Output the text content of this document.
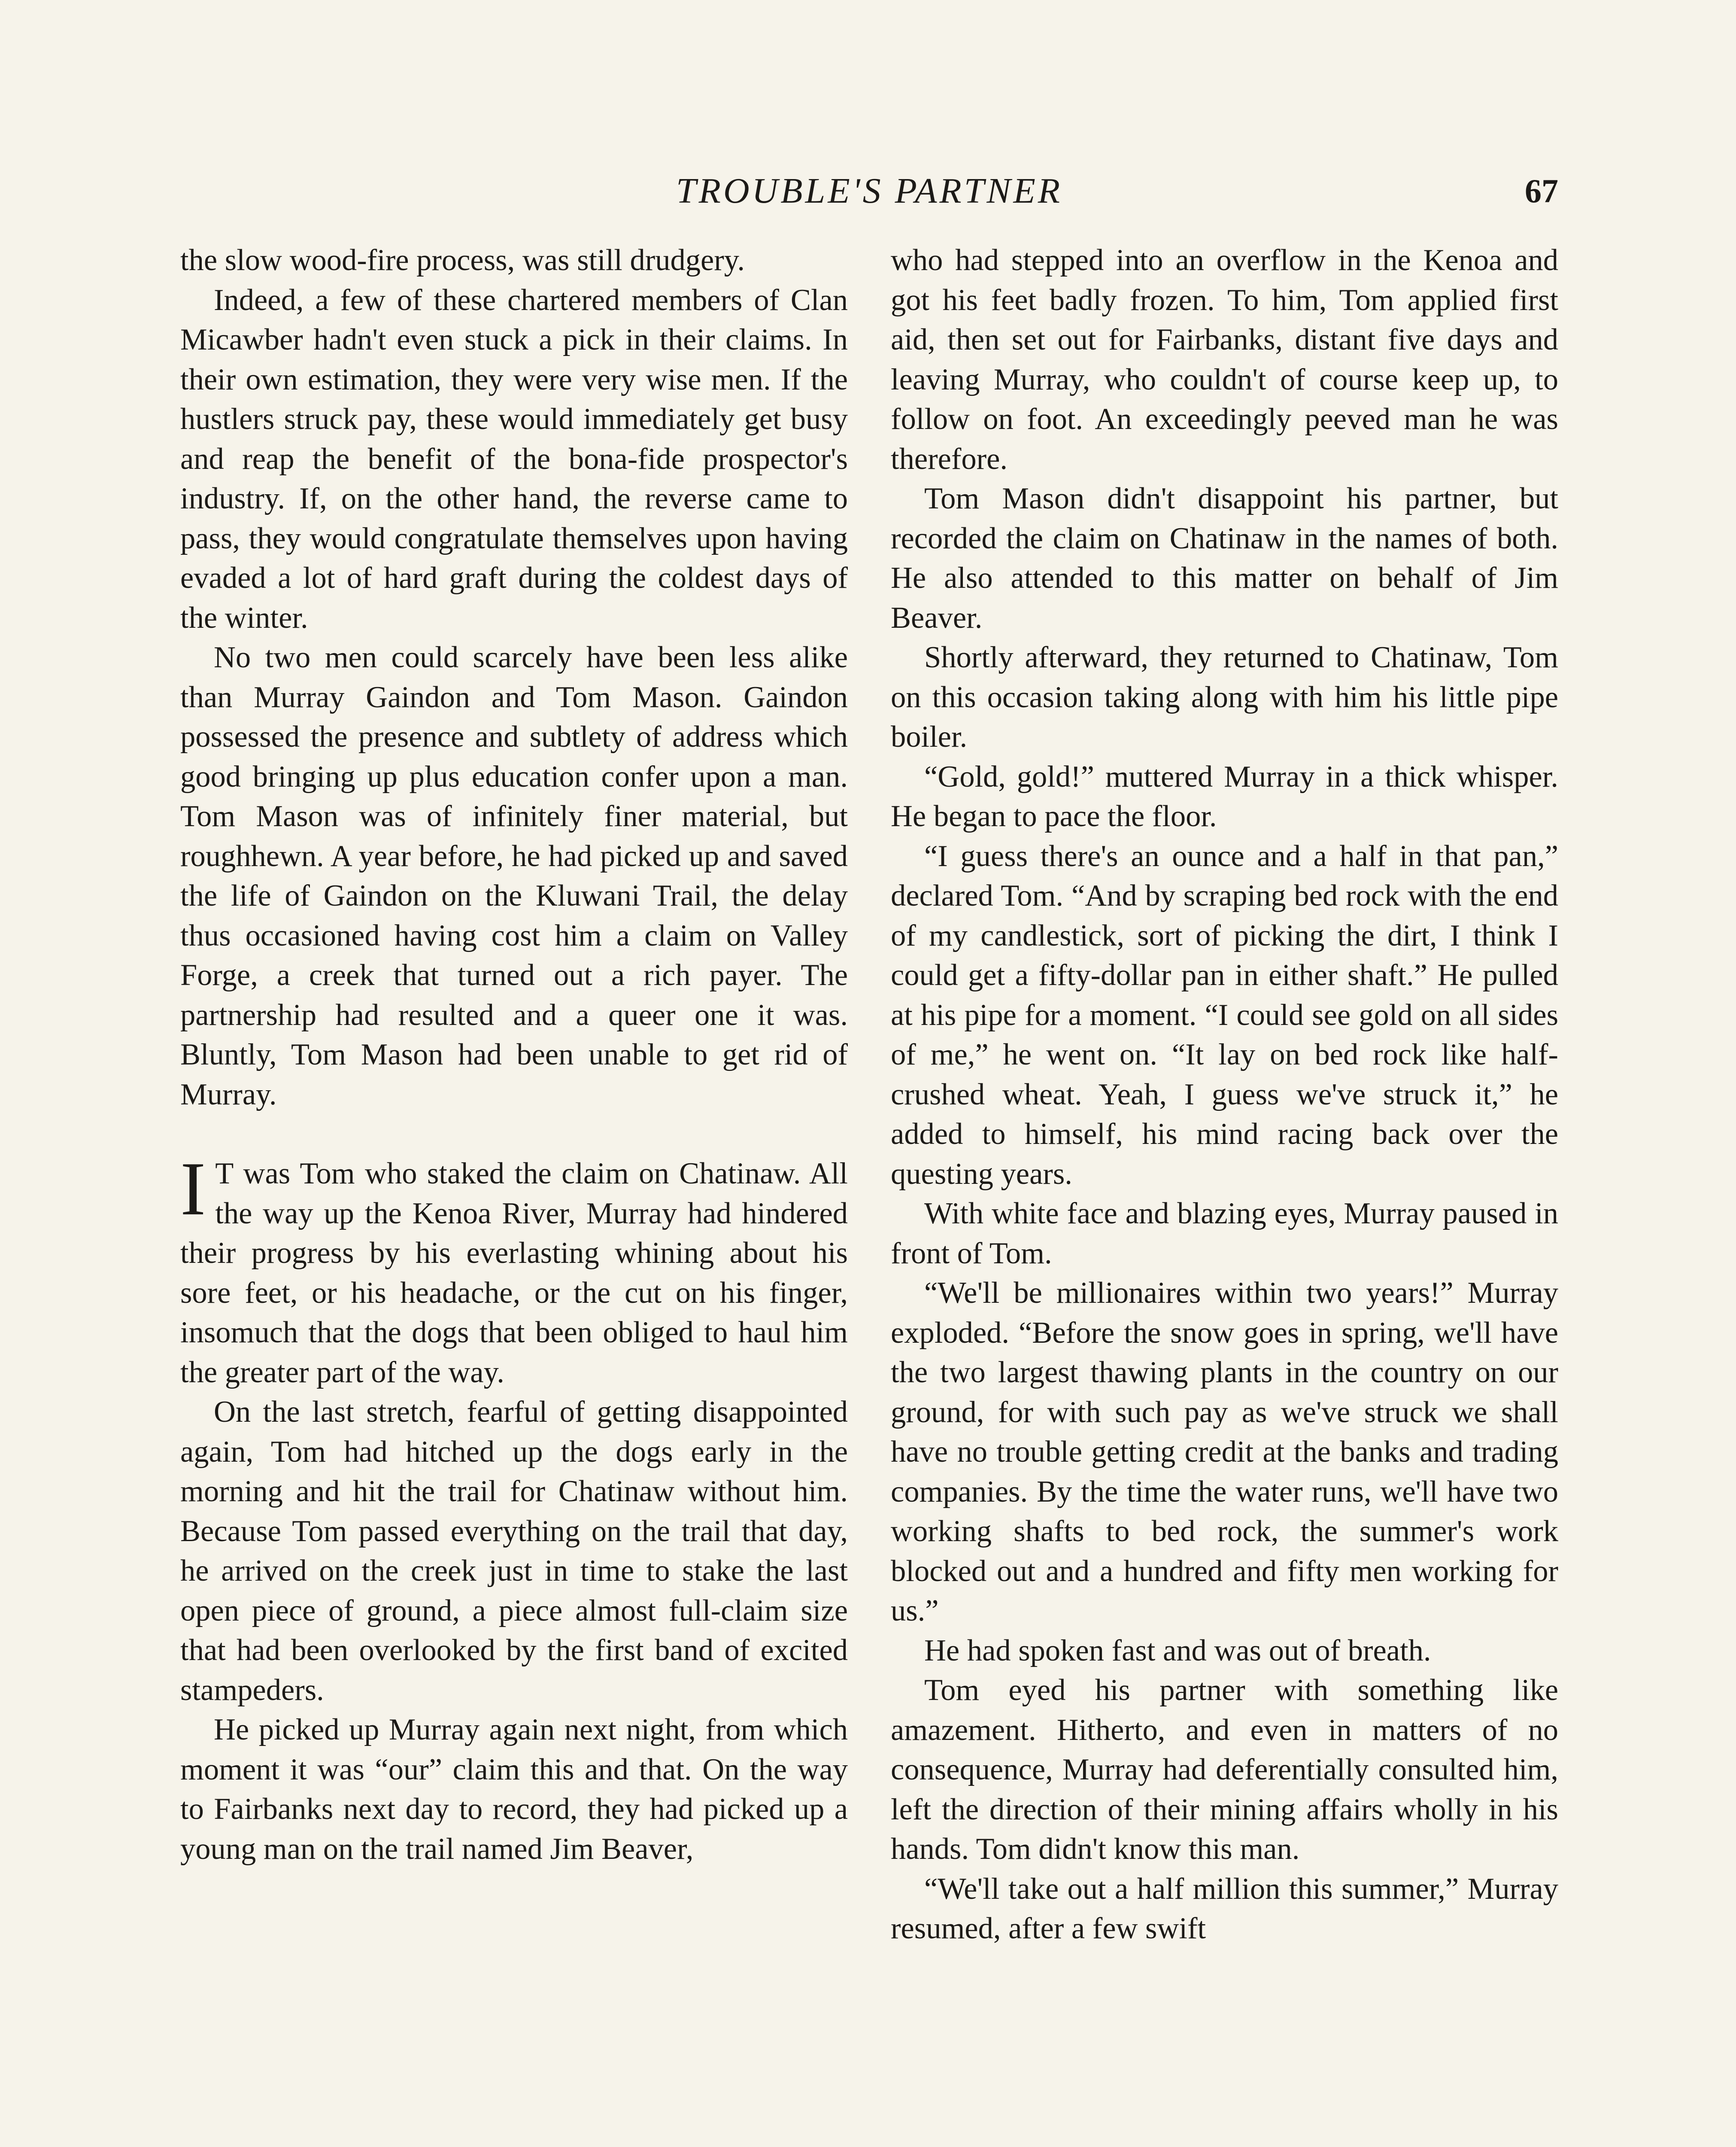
TROUBLE'S PARTNER	67

the slow wood-fire process, was still drudgery.

Indeed, a few of these chartered members of Clan Micawber hadn't even stuck a pick in their claims. In their own estimation, they were very wise men. If the hustlers struck pay, these would immediately get busy and reap the benefit of the bona-fide prospector's industry. If, on the other hand, the reverse came to pass, they would congratulate themselves upon having evaded a lot of hard graft during the coldest days of the winter.

No two men could scarcely have been less alike than Murray Gaindon and Tom Mason. Gaindon possessed the presence and subtlety of address which good bringing up plus education confer upon a man. Tom Mason was of infinitely finer material, but roughhewn. A year before, he had picked up and saved the life of Gaindon on the Kluwani Trail, the delay thus occasioned having cost him a claim on Valley Forge, a creek that turned out a rich payer. The partnership had resulted and a queer one it was. Bluntly, Tom Mason had been unable to get rid of Murray.

I T was Tom who staked the claim on Chatinaw. All the way up the Kenoa River, Murray had hindered their progress by his everlasting whining about his sore feet, or his headache, or the cut on his finger, insomuch that the dogs that been obliged to haul him the greater part of the way.

On the last stretch, fearful of getting disappointed again, Tom had hitched up the dogs early in the morning and hit the trail for Chatinaw without him. Because Tom passed everything on the trail that day, he arrived on the creek just in time to stake the last open piece of ground, a piece almost full-claim size that had been overlooked by the first band of excited stampeders.

He picked up Murray again next night, from which moment it was “our” claim this and that. On the way to Fairbanks next day to record, they had picked up a young man on the trail named Jim Beaver,

who had stepped into an overflow in the Kenoa and got his feet badly frozen. To him, Tom applied first aid, then set out for Fairbanks, distant five days and leaving Murray, who couldn't of course keep up, to follow on foot. An exceedingly peeved man he was therefore.

Tom Mason didn't disappoint his partner, but recorded the claim on Chatinaw in the names of both. He also attended to this matter on behalf of Jim Beaver.

Shortly afterward, they returned to Chatinaw, Tom on this occasion taking along with him his little pipe boiler.

“Gold, gold!” muttered Murray in a thick whisper. He began to pace the floor.

“I guess there's an ounce and a half in that pan,” declared Tom. “And by scraping bed rock with the end of my candlestick, sort of picking the dirt, I think I could get a fifty-dollar pan in either shaft.” He pulled at his pipe for a moment. “I could see gold on all sides of me,” he went on. “It lay on bed rock like half-crushed wheat. Yeah, I guess we've struck it,” he added to himself, his mind racing back over the questing years.

With white face and blazing eyes, Murray paused in front of Tom.

“We'll be millionaires within two years!” Murray exploded. “Before the snow goes in spring, we'll have the two largest thawing plants in the country on our ground, for with such pay as we've struck we shall have no trouble getting credit at the banks and trading companies. By the time the water runs, we'll have two working shafts to bed rock, the summer's work blocked out and a hundred and fifty men working for us.”

He had spoken fast and was out of breath.

Tom eyed his partner with something like amazement. Hitherto, and even in matters of no consequence, Murray had deferentially consulted him, left the direction of their mining affairs wholly in his hands. Tom didn't know this man.

“We'll take out a half million this summer,” Murray resumed, after a few swift
